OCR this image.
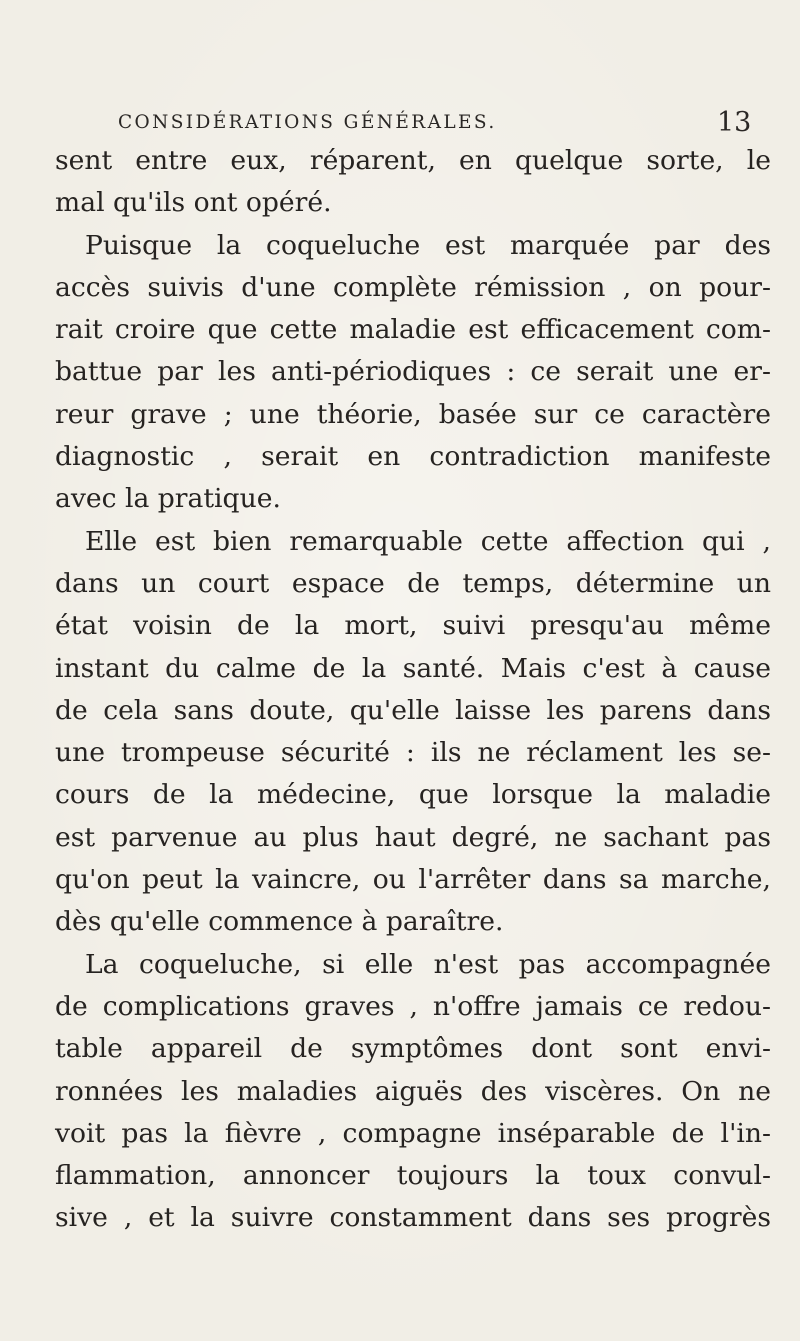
CONSIDÉRATIONS GÉNÉRALES.	13
sent entre eux, réparent, en quelque sorte, le
mal qu'ils ont opéré.
Puisque la coqueluche est marquée par des
accès suivis d'une complète rémission , on pour-
rait croire que cette maladie est efficacement com-
battue par les anti-périodiques : ce serait une er-
reur grave ; une théorie, basée sur ce caractère
diagnostic , serait en contradiction manifeste
avec la pratique.
Elle est bien remarquable cette affection qui ,
dans un court espace de temps, détermine un
état voisin de la mort, suivi presqu'au même
instant du calme de la santé. Mais c'est à cause
de cela sans doute, qu'elle laisse les parens dans
une trompeuse sécurité : ils ne réclament les se-
cours de la médecine, que lorsque la maladie
est parvenue au plus haut degré, ne sachant pas
qu'on peut la vaincre, ou l'arrêter dans sa marche,
dès qu'elle commence à paraître.
La coqueluche, si elle n'est pas accompagnée
de complications graves , n'offre jamais ce redou-
table appareil de symptômes dont sont envi-
ronnées les maladies aiguës des viscères. On ne
voit pas la fièvre , compagne inséparable de l'in-
flammation, annoncer toujours la toux convul-
sive , et la suivre constamment dans ses progrès
